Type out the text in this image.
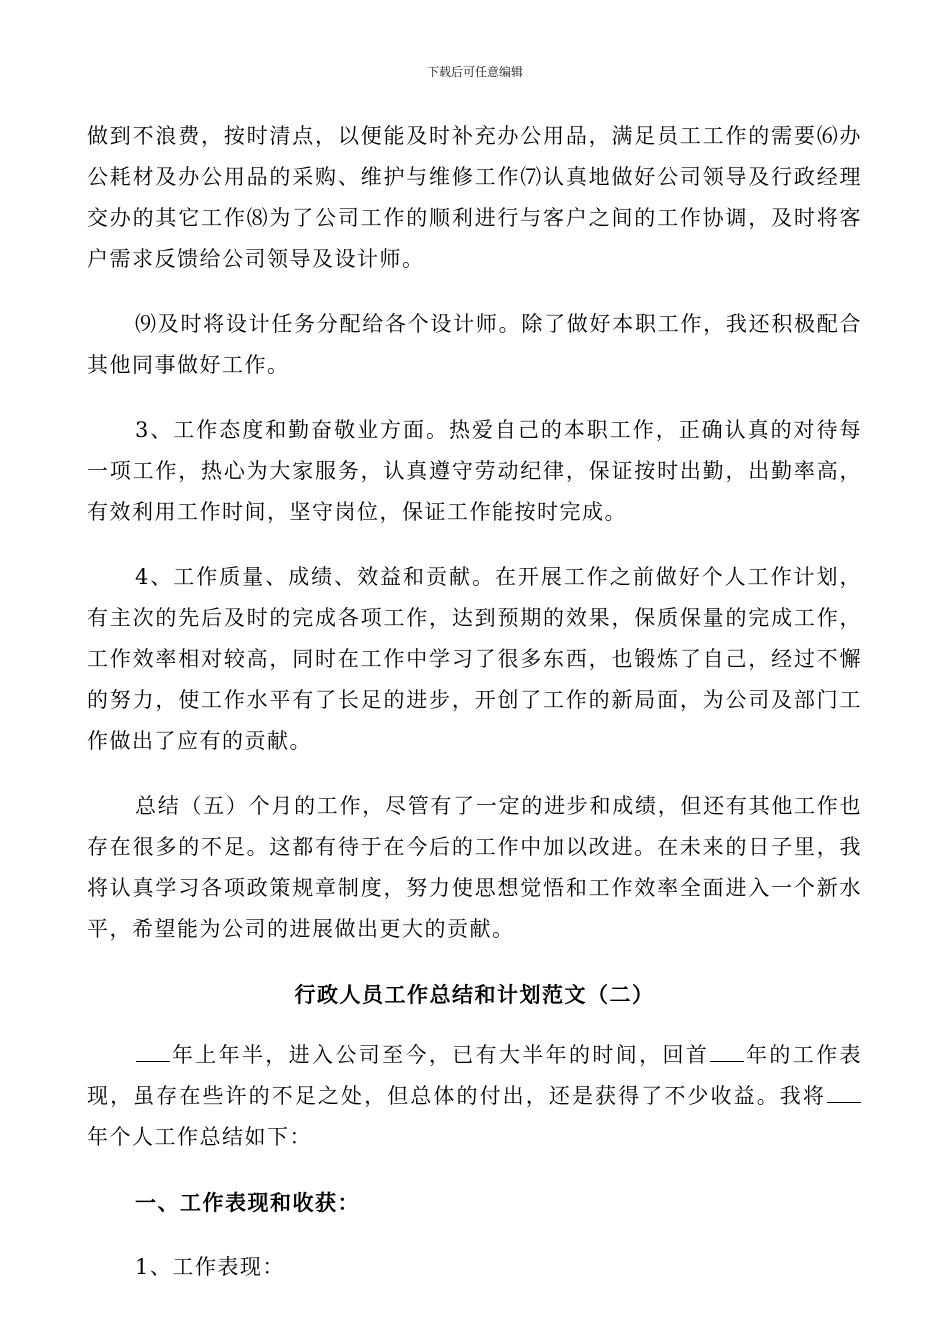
下载后可任意编辑

做到不浪费，按时清点，以便能及时补充办公用品，满足员工工作的需要⑹办公耗材及办公用品的采购、维护与维修工作⑺认真地做好公司领导及行政经理交办的其它工作⑻为了公司工作的顺利进行与客户之间的工作协调，及时将客户需求反馈给公司领导及设计师。

⑼及时将设计任务分配给各个设计师。除了做好本职工作，我还积极配合其他同事做好工作。

3、工作态度和勤奋敬业方面。热爱自己的本职工作，正确认真的对待每一项工作，热心为大家服务，认真遵守劳动纪律，保证按时出勤，出勤率高，有效利用工作时间，坚守岗位，保证工作能按时完成。

4、工作质量、成绩、效益和贡献。在开展工作之前做好个人工作计划，有主次的先后及时的完成各项工作，达到预期的效果，保质保量的完成工作，工作效率相对较高，同时在工作中学习了很多东西，也锻炼了自己，经过不懈的努力，使工作水平有了长足的进步，开创了工作的新局面，为公司及部门工作做出了应有的贡献。

总结（五）个月的工作，尽管有了一定的进步和成绩，但还有其他工作也存在很多的不足。这都有待于在今后的工作中加以改进。在未来的日子里，我将认真学习各项政策规章制度，努力使思想觉悟和工作效率全面进入一个新水平，希望能为公司的进展做出更大的贡献。

行政人员工作总结和计划范文（二）

年上年半，进入公司至今，已有大半年的时间，回首 年的工作表现，虽存在些许的不足之处，但总体的付出，还是获得了不少收益。我将年个人工作总结如下：

一、工作表现和收获：

1、工作表现：
